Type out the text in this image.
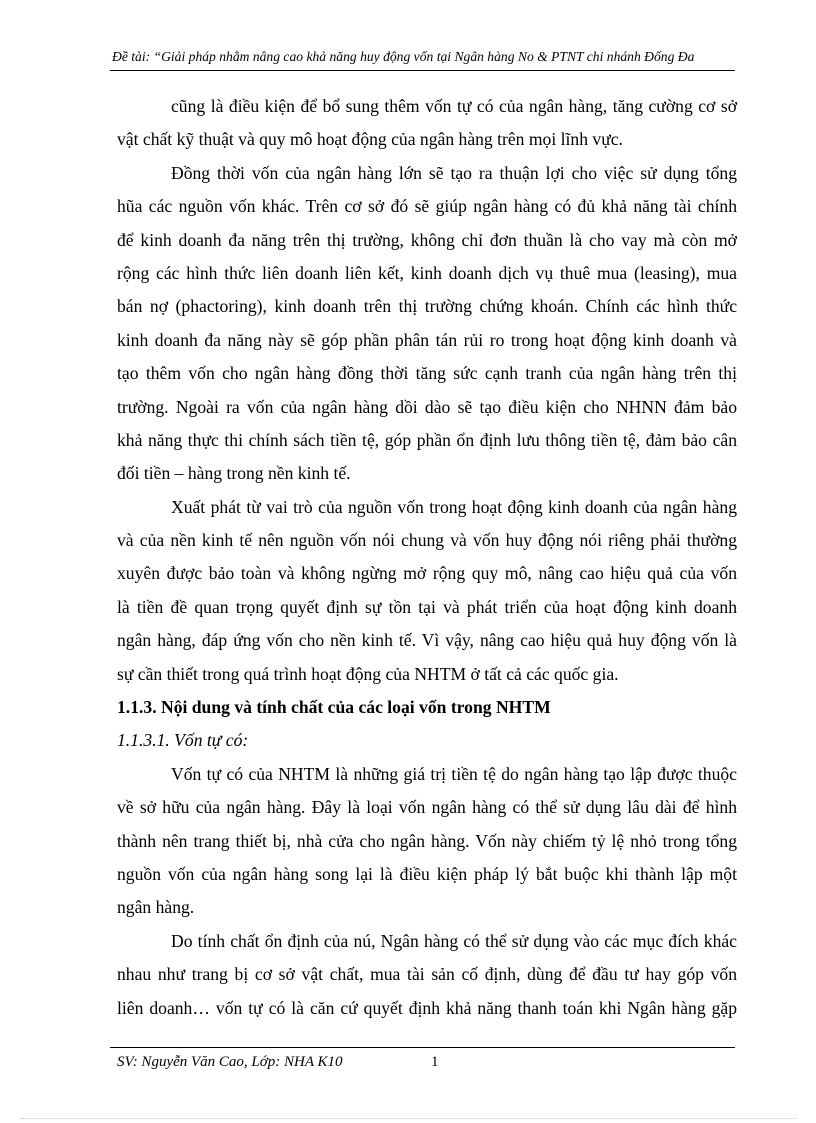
Đề tài: “Giải pháp nhằm nâng cao khả năng huy động vốn tại Ngân hàng No & PTNT chi nhánh Đống Đa
cũng là điều kiện để bổ sung thêm vốn tự có của ngân hàng, tăng cường cơ sở
vật chất kỹ thuật và quy mô hoạt động của ngân hàng trên mọi lĩnh vực.
Đồng thời vốn của ngân hàng lớn sẽ tạo ra thuận lợi cho việc sử dụng tổng
hũa các nguồn vốn khác. Trên cơ sở đó sẽ giúp ngân hàng có đủ khả năng tài chính
để kinh doanh đa năng trên thị trường, không chỉ đơn thuần là cho vay mà còn mở
rộng các hình thức liên doanh liên kết, kinh doanh dịch vụ thuê mua (leasing), mua
bán nợ (phactoring), kinh doanh trên thị trường chứng khoán. Chính các hình thức
kinh doanh đa năng này sẽ góp phần phân tán rủi ro trong hoạt động kinh doanh và
tạo thêm vốn cho ngân hàng đồng thời tăng sức cạnh tranh của ngân hàng trên thị
trường. Ngoài ra vốn của ngân hàng dồi dào sẽ tạo điều kiện cho NHNN đảm bảo
khả năng thực thi chính sách tiền tệ, góp phần ổn định lưu thông tiền tệ, đảm bảo cân
đối tiền – hàng trong nền kinh tế.
Xuất phát từ vai trò của nguồn vốn trong hoạt động kinh doanh của ngân hàng
và của nền kinh tế nên nguồn vốn nói chung và vốn huy động nói riêng phải thường
xuyên được bảo toàn và không ngừng mở rộng quy mô, nâng cao hiệu quả của vốn
là tiền đề quan trọng quyết định sự tồn tại và phát triển của hoạt động kinh doanh
ngân hàng, đáp ứng vốn cho nền kinh tế. Vì vậy, nâng cao hiệu quả huy động vốn là
sự cần thiết trong quá trình hoạt động của NHTM ở tất cả các quốc gia.
1.1.3. Nội dung và tính chất của các loại vốn trong NHTM
1.1.3.1. Vốn tự có:
Vốn tự có của NHTM là những giá trị tiền tệ do ngân hàng tạo lập được thuộc
về sở hữu của ngân hàng. Đây là loại vốn ngân hàng có thể sử dụng lâu dài để hình
thành nên trang thiết bị, nhà cửa cho ngân hàng. Vốn này chiếm tỷ lệ nhỏ trong tổng
nguồn vốn của ngân hàng song lại là điều kiện pháp lý bắt buộc khi thành lập một
ngân hàng.
Do tính chất ổn định của nú, Ngân hàng có thể sử dụng vào các mục đích khác
nhau như trang bị cơ sở vật chất, mua tài sản cố định, dùng để đầu tư hay góp vốn
liên doanh… vốn tự có là căn cứ quyết định khả năng thanh toán khi Ngân hàng gặp
SV: Nguyễn Văn Cao, Lớp: NHA K10	1
